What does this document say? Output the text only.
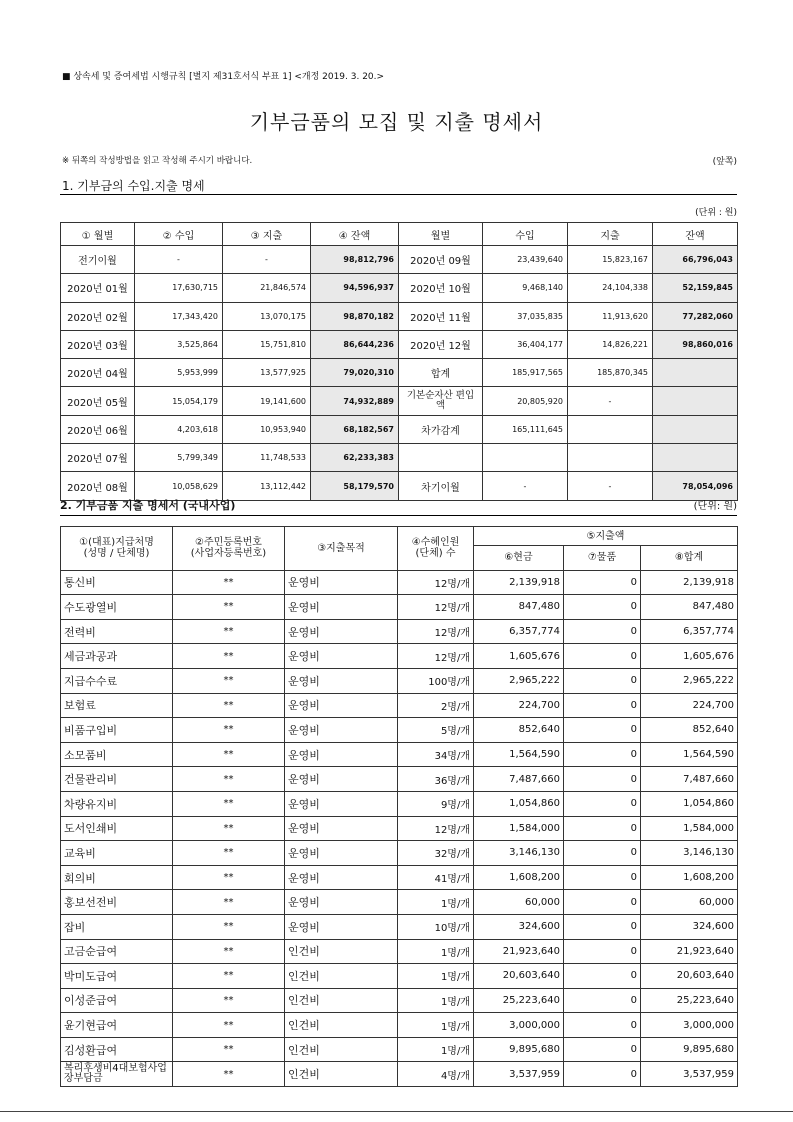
■ 상속세 및 증여세법 시행규칙 [별지 제31호서식 부표 1] <개정 2019. 3. 20.>
기부금품의 모집 및 지출 명세서
※ 뒤쪽의 작성방법을 읽고 작성해 주시기 바랍니다.	(앞쪽)
1. 기부금의 수입.지출 명세
(단위 : 원)
① 월별	② 수입	③ 지출	④ 잔액	월별	수입	지출	잔액
전기이월	-	-	98,812,796	2020년 09월	23,439,640	15,823,167	66,796,043
2020년 01월	17,630,715	21,846,574	94,596,937	2020년 10월	9,468,140	24,104,338	52,159,845
2020년 02월	17,343,420	13,070,175	98,870,182	2020년 11월	37,035,835	11,913,620	77,282,060
2020년 03월	3,525,864	15,751,810	86,644,236	2020년 12월	36,404,177	14,826,221	98,860,016
2020년 04월	5,953,999	13,577,925	79,020,310	합계	185,917,565	185,870,345	
2020년 05월	15,054,179	19,141,600	74,932,889	기본순자산 편입액	20,805,920	-	
2020년 06월	4,203,618	10,953,940	68,182,567	차가감계	165,111,645		
2020년 07월	5,799,349	11,748,533	62,233,383				
2020년 08월	10,058,629	13,112,442	58,179,570	차기이월	-	-	78,054,096
2. 기부금품 지출 명세서 (국내사업)	(단위: 원)
①(대표)지급처명
(성명 / 단체명)	②주민등록번호
(사업자등록번호)	③지출목적	④수혜인원
(단체) 수	⑤지출액		
				⑥현금	⑦물품	⑧합계
통신비	**	운영비	12명/개	2,139,918	0	2,139,918
수도광열비	**	운영비	12명/개	847,480	0	847,480
전력비	**	운영비	12명/개	6,357,774	0	6,357,774
세금과공과	**	운영비	12명/개	1,605,676	0	1,605,676
지급수수료	**	운영비	100명/개	2,965,222	0	2,965,222
보험료	**	운영비	2명/개	224,700	0	224,700
비품구입비	**	운영비	5명/개	852,640	0	852,640
소모품비	**	운영비	34명/개	1,564,590	0	1,564,590
건물관리비	**	운영비	36명/개	7,487,660	0	7,487,660
차량유지비	**	운영비	9명/개	1,054,860	0	1,054,860
도서인쇄비	**	운영비	12명/개	1,584,000	0	1,584,000
교육비	**	운영비	32명/개	3,146,130	0	3,146,130
회의비	**	운영비	41명/개	1,608,200	0	1,608,200
홍보선전비	**	운영비	1명/개	60,000	0	60,000
잡비	**	운영비	10명/개	324,600	0	324,600
고금순급여	**	인건비	1명/개	21,923,640	0	21,923,640
박미도급여	**	인건비	1명/개	20,603,640	0	20,603,640
이성준급여	**	인건비	1명/개	25,223,640	0	25,223,640
윤기현급여	**	인건비	1명/개	3,000,000	0	3,000,000
김성환급여	**	인건비	1명/개	9,895,680	0	9,895,680
복리후생비4대보험사업장부담금	**	인건비	4명/개	3,537,959	0	3,537,959
